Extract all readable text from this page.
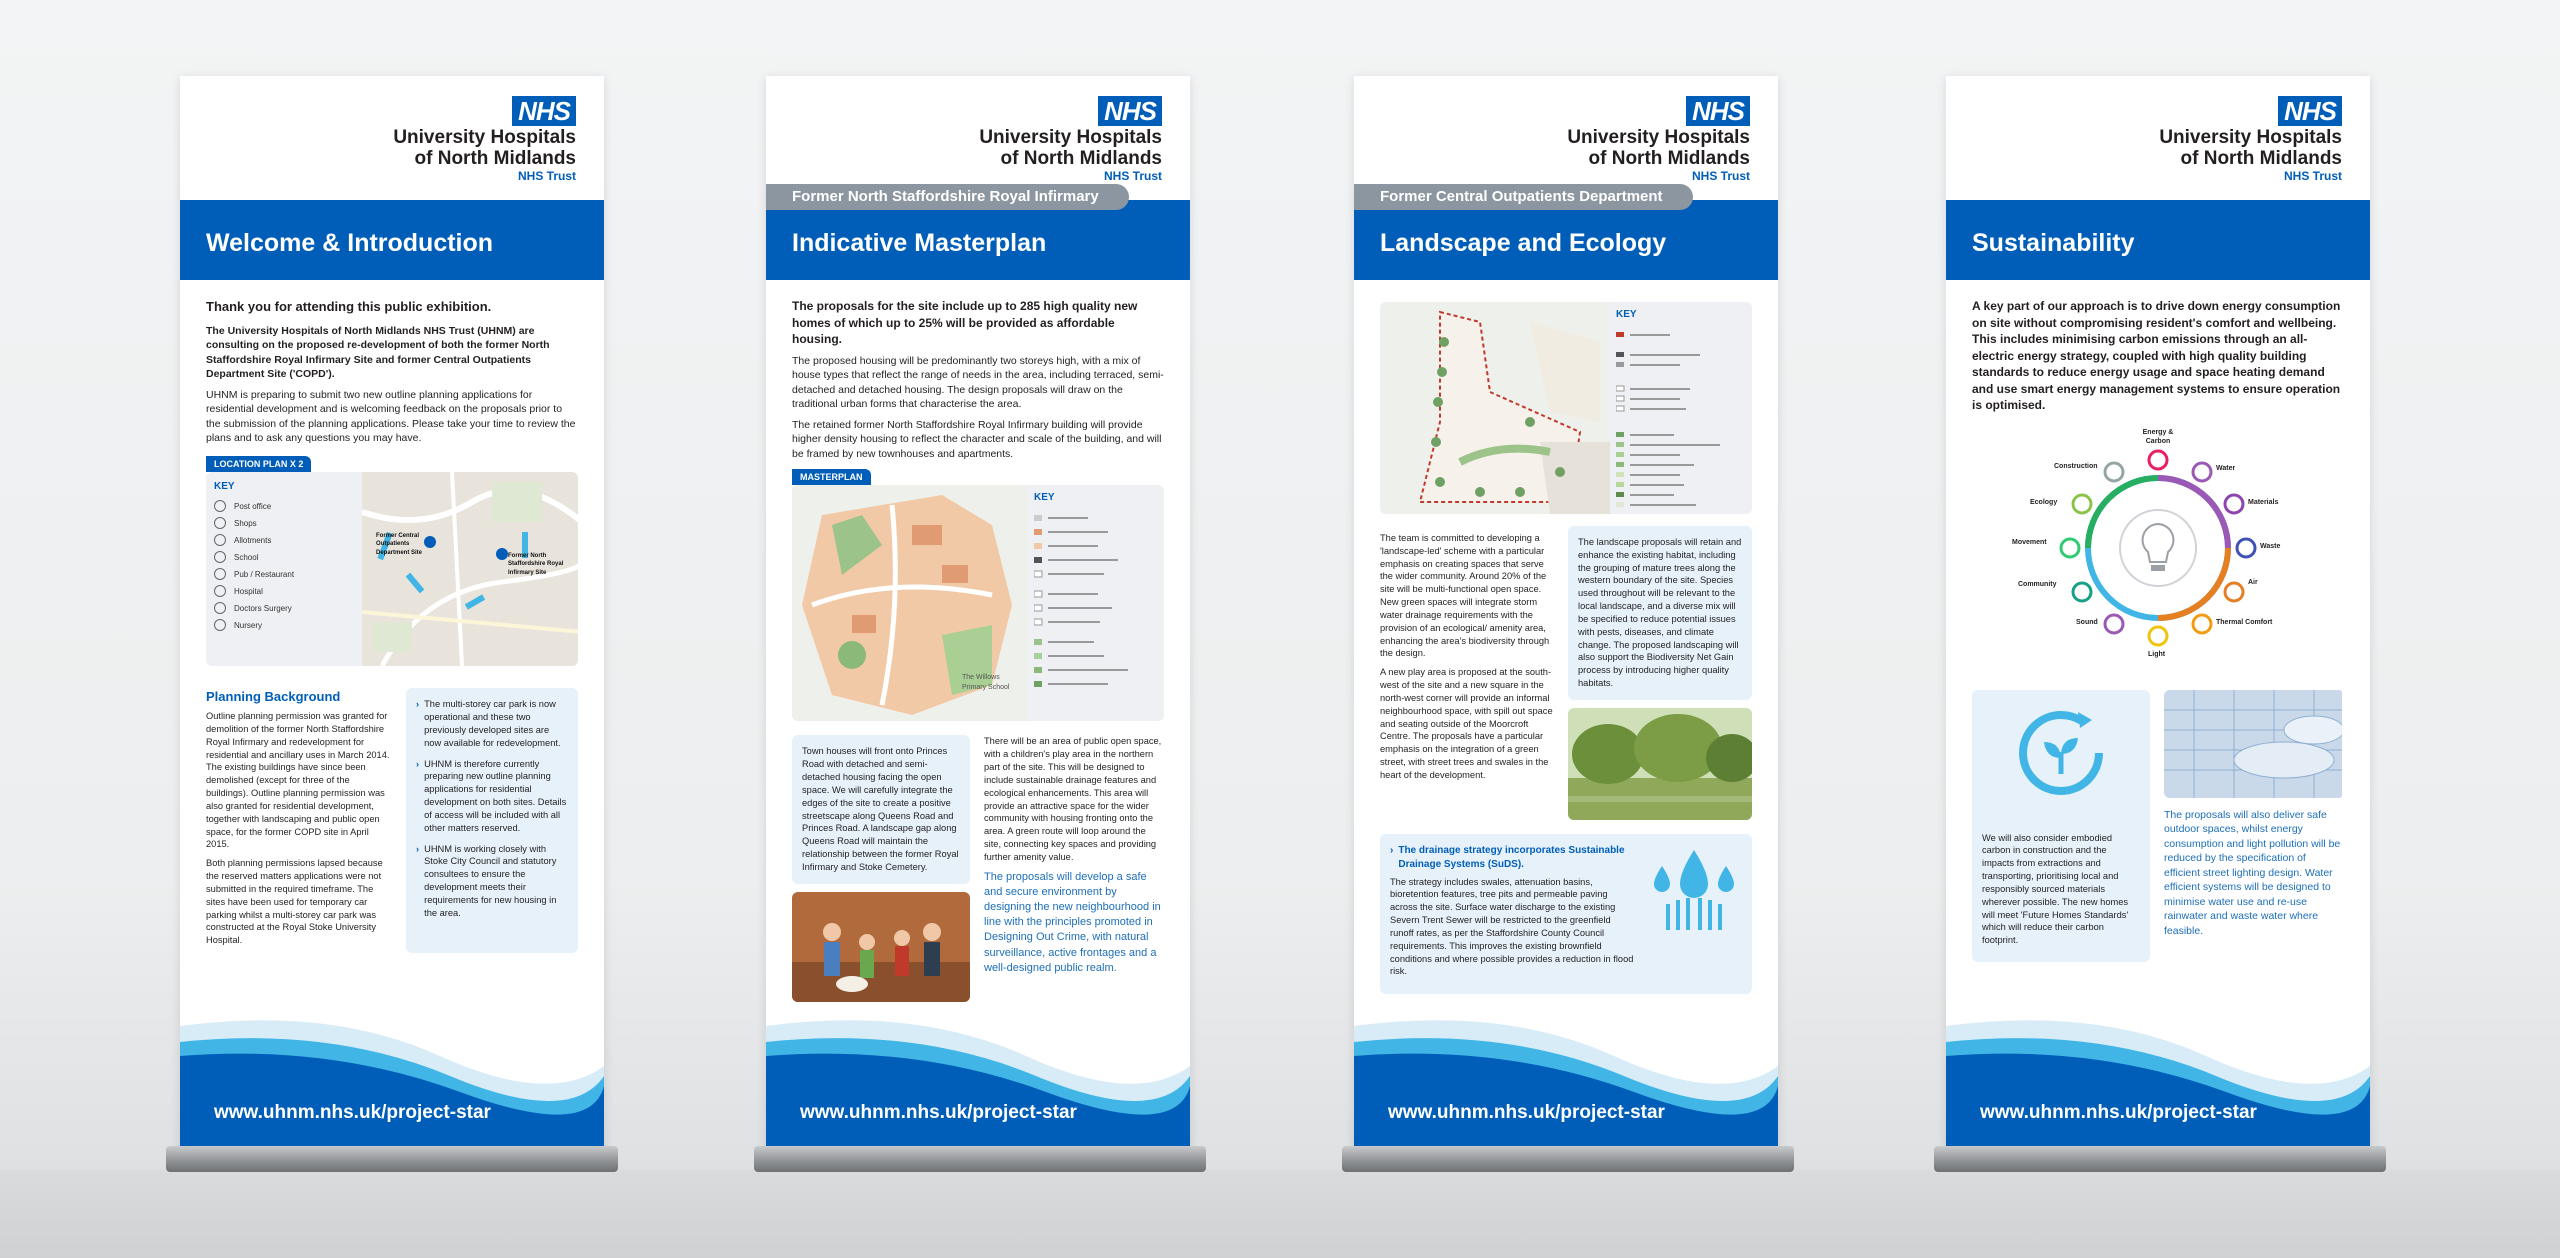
NHS
University Hospitals
of North Midlands
NHS Trust
Welcome & Introduction

Thank you for attending this public exhibition.

The University Hospitals of North Midlands NHS Trust (UHNM) are consulting on the proposed re-development of both the former North Staffordshire Royal Infirmary Site and former Central Outpatients Department Site ('COPD').

UHNM is preparing to submit two new outline planning applications for residential development and is welcoming feedback on the proposals prior to the submission of the planning applications. Please take your time to review the plans and to ask any questions you may have.

LOCATION PLAN X 2
KEY
Post office
Shops
Allotments
School
Pub / Restaurant
Hospital
Doctors Surgery
Nursery
Former Central Outpatients Department Site
Former North Staffordshire Royal Infirmary Site
Planning Background

Outline planning permission was granted for demolition of the former North Staffordshire Royal Infirmary and redevelopment for residential and ancillary uses in March 2014. The existing buildings have since been demolished (except for three of the buildings). Outline planning permission was also granted for residential development, together with landscaping and public open space, for the former COPD site in April 2015.

Both planning permissions lapsed because the reserved matters applications were not submitted in the required timeframe. The sites have been used for temporary car parking whilst a multi-storey car park was constructed at the Royal Stoke University Hospital.

› The multi-storey car park is now operational and these two previously developed sites are now available for redevelopment.
› UHNM is therefore currently preparing new outline planning applications for residential development on both sites. Details of access will be included with all other matters reserved.
› UHNM is working closely with Stoke City Council and statutory consultees to ensure the development meets their requirements for new housing in the area.
www.uhnm.nhs.uk/project-star
NHS
University Hospitals
of North Midlands
NHS Trust
Former North Staffordshire Royal Infirmary
Indicative Masterplan

The proposals for the site include up to 285 high quality new homes of which up to 25% will be provided as affordable housing.

The proposed housing will be predominantly two storeys high, with a mix of house types that reflect the range of needs in the area, including terraced, semi-detached and detached housing. The design proposals will draw on the traditional urban forms that characterise the area.

The retained former North Staffordshire Royal Infirmary building will provide higher density housing to reflect the character and scale of the building, and will be framed by new townhouses and apartments.

MASTERPLAN
The Willows Primary School
KEY
Town houses will front onto Princes Road with detached and semi-detached housing facing the open space. We will carefully integrate the edges of the site to create a positive streetscape along Queens Road and Princes Road. A landscape gap along Queens Road will maintain the relationship between the former Royal Infirmary and Stoke Cemetery.

There will be an area of public open space, with a children's play area in the northern part of the site. This will be designed to include sustainable drainage features and ecological enhancements. This area will provide an attractive space for the wider community with housing fronting onto the area. A green route will loop around the site, connecting key spaces and providing further amenity value.

The proposals will develop a safe and secure environment by designing the new neighbourhood in line with the principles promoted in Designing Out Crime, with natural surveillance, active frontages and a well-designed public realm.

www.uhnm.nhs.uk/project-star
NHS
University Hospitals
of North Midlands
NHS Trust
Former Central Outpatients Department
Landscape and Ecology
KEY

The team is committed to developing a 'landscape-led' scheme with a particular emphasis on creating spaces that serve the wider community. Around 20% of the site will be multi-functional open space. New green spaces will integrate storm water drainage requirements with the provision of an ecological/ amenity area, enhancing the area's biodiversity through the design.

A new play area is proposed at the south-west of the site and a new square in the north-west corner will provide an informal neighbourhood space, with spill out space and seating outside of the Moorcroft Centre. The proposals have a particular emphasis on the integration of a green street, with street trees and swales in the heart of the development.

The landscape proposals will retain and enhance the existing habitat, including the grouping of mature trees along the western boundary of the site. Species used throughout will be relevant to the local landscape, and a diverse mix will be specified to reduce potential issues with pests, diseases, and climate change. The proposed landscaping will also support the Biodiversity Net Gain process by introducing higher quality habitats.
› The drainage strategy incorporates Sustainable Drainage Systems (SuDS).

The strategy includes swales, attenuation basins, bioretention features, tree pits and permeable paving across the site. Surface water discharge to the existing Severn Trent Sewer will be restricted to the greenfield runoff rates, as per the Staffordshire County Council requirements. This improves the existing brownfield conditions and where possible provides a reduction in flood risk.

www.uhnm.nhs.uk/project-star
NHS
University Hospitals
of North Midlands
NHS Trust
Sustainability

A key part of our approach is to drive down energy consumption on site without compromising resident's comfort and wellbeing. This includes minimising carbon emissions through an all-electric energy strategy, coupled with high quality building standards to reduce energy usage and space heating demand and use smart energy management systems to ensure operation is optimised.

Energy & Carbon
Water
Materials
Waste
Air
Thermal Comfort
Light
Sound
Community
Movement
Ecology
Construction

We will also consider embodied carbon in construction and the impacts from extractions and transporting, prioritising local and responsibly sourced materials wherever possible. The new homes will meet 'Future Homes Standards' which will reduce their carbon footprint.

The proposals will also deliver safe outdoor spaces, whilst energy consumption and light pollution will be reduced by the specification of efficient street lighting design. Water efficient systems will be designed to minimise water use and re-use rainwater and waste water where feasible.

www.uhnm.nhs.uk/project-star
